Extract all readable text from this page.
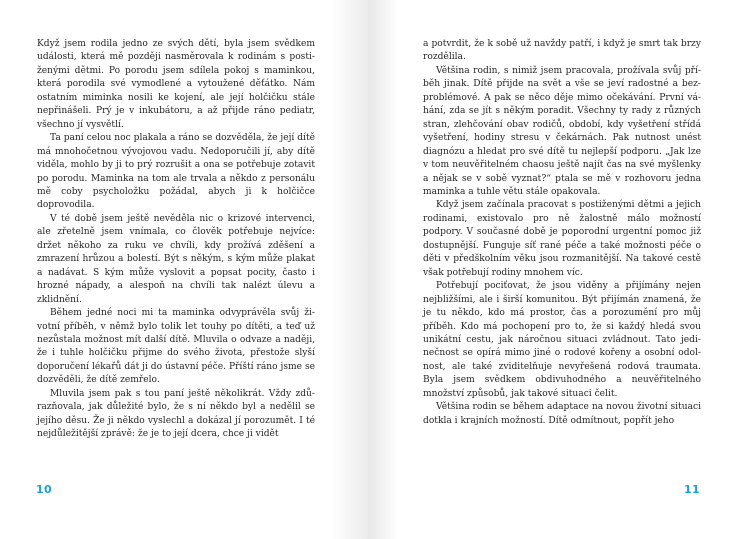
Když jsem rodila jedno ze svých dětí, byla jsem svědkem události, která mě později nasměrovala k rodinám s postiženými dětmi. Po porodu jsem sdílela pokoj s maminkou, která porodila své vymodlené a vytoužené děťátko. Nám ostatním miminka nosili ke kojení, ale její holčičku stále nepřinášeli. Prý je v inkubátoru, a až přijde ráno pediatr, všechno jí vysvětlí.

Ta paní celou noc plakala a ráno se dozvěděla, že její dítě má mnohočetnou vývojovou vadu. Nedoporučili jí, aby dítě viděla, mohlo by ji to prý rozrušit a ona se potřebuje zotavit po porodu. Maminka na tom ale trvala a někdo z personálu mě coby psycholožku požádal, abych ji k holčičce doprovodila.

V té době jsem ještě nevěděla nic o krizové intervenci, ale zřetelně jsem vnímala, co člověk potřebuje nejvíce: držet někoho za ruku ve chvíli, kdy prožívá zděšení a zmrazení hrůzou a bolestí. Být s někým, s kým může plakat a nadávat. S kým může vyslovit a popsat pocity, často i hrozné nápady, a alespoň na chvíli tak nalézt úlevu a zklidnění.

Během jedné noci mi ta maminka odvyprávěla svůj životní příběh, v němž bylo tolik let touhy po dítěti, a teď už nezůstala možnost mít další dítě. Mluvila o odvaze a naději, že i tuhle holčičku přijme do svého života, přestože slyší doporučení lékařů dát ji do ústavní péče. Příští ráno jsme se dozvěděli, že dítě zemřelo.

Mluvila jsem pak s tou paní ještě několikrát. Vždy zdůrazňovala, jak důležité bylo, že s ní někdo byl a nedělil se jejího děsu. Že ji někdo vyslechl a dokázal jí porozumět. I té nejdůležitější zprávě: že je to její dcera, chce ji vidět

10

a potvrdit, že k sobě už navždy patří, i když je smrt tak brzy rozdělila.

Většina rodin, s nimiž jsem pracovala, prožívala svůj příběh jinak. Dítě přijde na svět a vše se jeví radostné a bezproblémové. A pak se něco děje mimo očekávání. První váhání, zda se jít s někým poradit. Všechny ty rady z různých stran, zlehčování obav rodičů, období, kdy vyšetření střídá vyšetření, hodiny stresu v čekárnách. Pak nutnost unést diagnózu a hledat pro své dítě tu nejlepší podporu. „Jak lze v tom neuvěřitelném chaosu ještě najít čas na své myšlenky a nějak se v sobě vyznat?“ ptala se mě v rozhovoru jedna maminka a tuhle větu stále opakovala.

Když jsem začínala pracovat s postiženými dětmi a jejich rodinami, existovalo pro ně žalostně málo možností podpory. V současné době je poporodní urgentní pomoc již dostupnější. Funguje síť rané péče a také možnosti péče o děti v předškolním věku jsou rozmanitější. Na takové cestě však potřebují rodiny mnohem víc.

Potřebují pociťovat, že jsou viděny a přijímány nejen nejbližšími, ale i širší komunitou. Být přijímán znamená, že je tu někdo, kdo má prostor, čas a porozumění pro můj příběh. Kdo má pochopení pro to, že si každý hledá svou unikátní cestu, jak náročnou situaci zvládnout. Tato jedinečnost se opírá mimo jiné o rodové kořeny a osobní odolnost, ale také zviditelňuje nevyřešená rodová traumata. Byla jsem svědkem obdivuhodného a neuvěřitelného množství způsobů, jak takové situaci čelit.

Většina rodin se během adaptace na novou životní situaci dotkla i krajních možností. Dítě odmítnout, popřít jeho

11
